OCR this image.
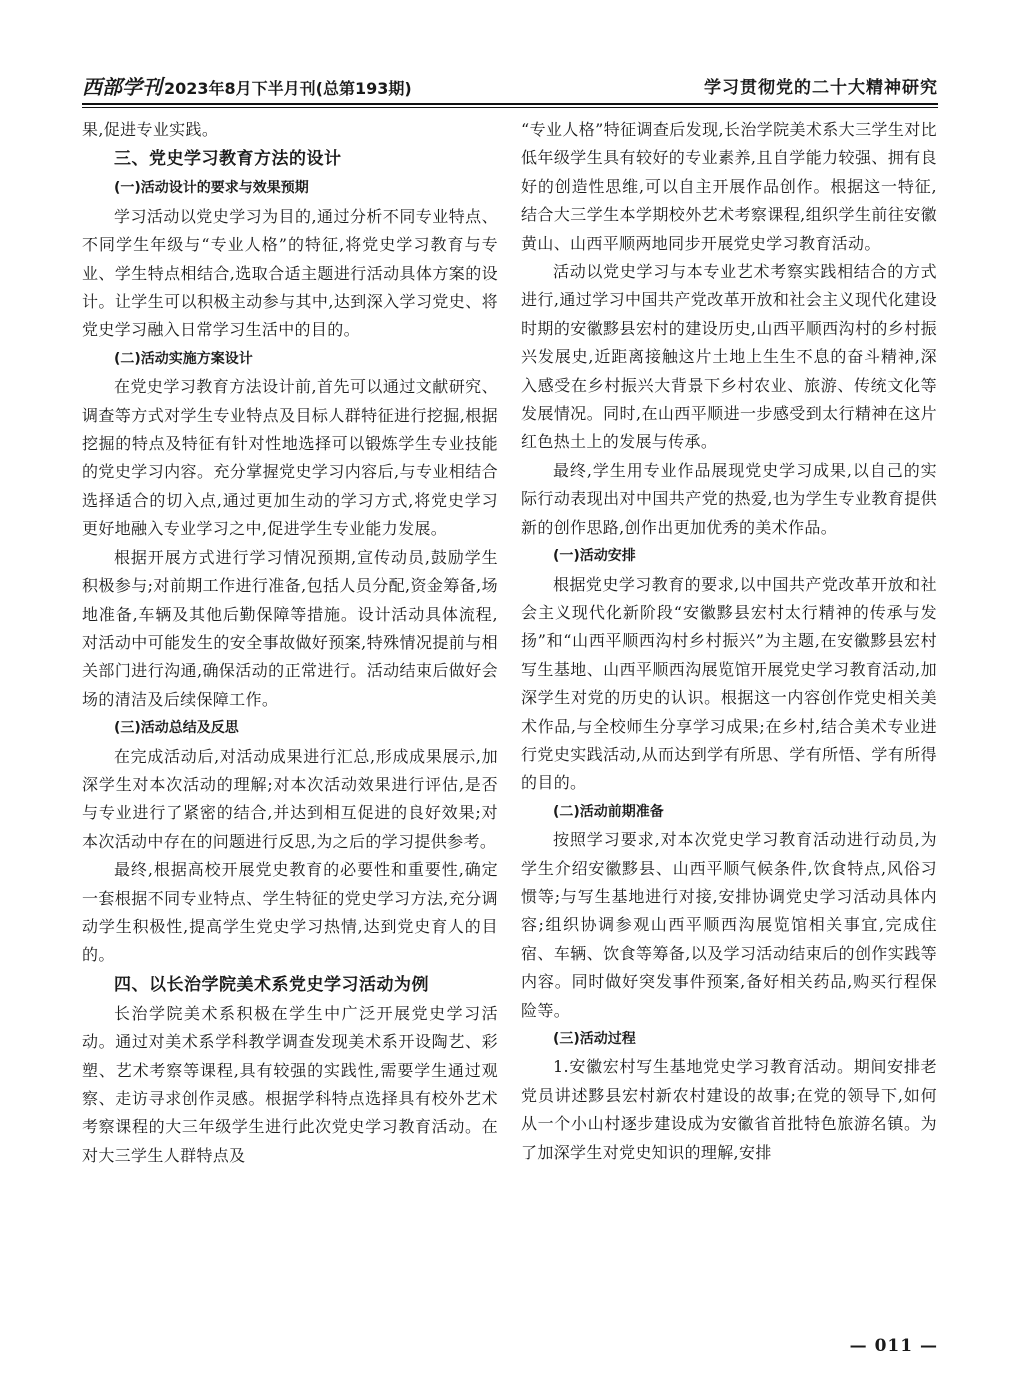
西部学刊 2023年8月下半月刊(总第193期)	学习贯彻党的二十大精神研究

果,促进专业实践。

三、党史学习教育方法的设计
(一)活动设计的要求与效果预期

学习活动以党史学习为目的,通过分析不同专业特点、不同学生年级与“专业人格”的特征,将党史学习教育与专业、学生特点相结合,选取合适主题进行活动具体方案的设计。让学生可以积极主动参与其中,达到深入学习党史、将党史学习融入日常学习生活中的目的。

(二)活动实施方案设计

在党史学习教育方法设计前,首先可以通过文献研究、调查等方式对学生专业特点及目标人群特征进行挖掘,根据挖掘的特点及特征有针对性地选择可以锻炼学生专业技能的党史学习内容。充分掌握党史学习内容后,与专业相结合选择适合的切入点,通过更加生动的学习方式,将党史学习更好地融入专业学习之中,促进学生专业能力发展。

根据开展方式进行学习情况预期,宣传动员,鼓励学生积极参与;对前期工作进行准备,包括人员分配,资金筹备,场地准备,车辆及其他后勤保障等措施。设计活动具体流程,对活动中可能发生的安全事故做好预案,特殊情况提前与相关部门进行沟通,确保活动的正常进行。活动结束后做好会场的清洁及后续保障工作。

(三)活动总结及反思

在完成活动后,对活动成果进行汇总,形成成果展示,加深学生对本次活动的理解;对本次活动效果进行评估,是否与专业进行了紧密的结合,并达到相互促进的良好效果;对本次活动中存在的问题进行反思,为之后的学习提供参考。

最终,根据高校开展党史教育的必要性和重要性,确定一套根据不同专业特点、学生特征的党史学习方法,充分调动学生积极性,提高学生党史学习热情,达到党史育人的目的。

四、以长治学院美术系党史学习活动为例

长治学院美术系积极在学生中广泛开展党史学习活动。通过对美术系学科教学调查发现美术系开设陶艺、彩塑、艺术考察等课程,具有较强的实践性,需要学生通过观察、走访寻求创作灵感。根据学科特点选择具有校外艺术考察课程的大三年级学生进行此次党史学习教育活动。在对大三学生人群特点及

“专业人格”特征调查后发现,长治学院美术系大三学生对比低年级学生具有较好的专业素养,且自学能力较强、拥有良好的创造性思维,可以自主开展作品创作。根据这一特征,结合大三学生本学期校外艺术考察课程,组织学生前往安徽黄山、山西平顺两地同步开展党史学习教育活动。

活动以党史学习与本专业艺术考察实践相结合的方式进行,通过学习中国共产党改革开放和社会主义现代化建设时期的安徽黟县宏村的建设历史,山西平顺西沟村的乡村振兴发展史,近距离接触这片土地上生生不息的奋斗精神,深入感受在乡村振兴大背景下乡村农业、旅游、传统文化等发展情况。同时,在山西平顺进一步感受到太行精神在这片红色热土上的发展与传承。

最终,学生用专业作品展现党史学习成果,以自己的实际行动表现出对中国共产党的热爱,也为学生专业教育提供新的创作思路,创作出更加优秀的美术作品。

(一)活动安排

根据党史学习教育的要求,以中国共产党改革开放和社会主义现代化新阶段“安徽黟县宏村太行精神的传承与发扬”和“山西平顺西沟村乡村振兴”为主题,在安徽黟县宏村写生基地、山西平顺西沟展览馆开展党史学习教育活动,加深学生对党的历史的认识。根据这一内容创作党史相关美术作品,与全校师生分享学习成果;在乡村,结合美术专业进行党史实践活动,从而达到学有所思、学有所悟、学有所得的目的。

(二)活动前期准备

按照学习要求,对本次党史学习教育活动进行动员,为学生介绍安徽黟县、山西平顺气候条件,饮食特点,风俗习惯等;与写生基地进行对接,安排协调党史学习活动具体内容;组织协调参观山西平顺西沟展览馆相关事宜,完成住宿、车辆、饮食等筹备,以及学习活动结束后的创作实践等内容。同时做好突发事件预案,备好相关药品,购买行程保险等。

(三)活动过程

1.安徽宏村写生基地党史学习教育活动。期间安排老党员讲述黟县宏村新农村建设的故事;在党的领导下,如何从一个小山村逐步建设成为安徽省首批特色旅游名镇。为了加深学生对党史知识的理解,安排

— 011 —
